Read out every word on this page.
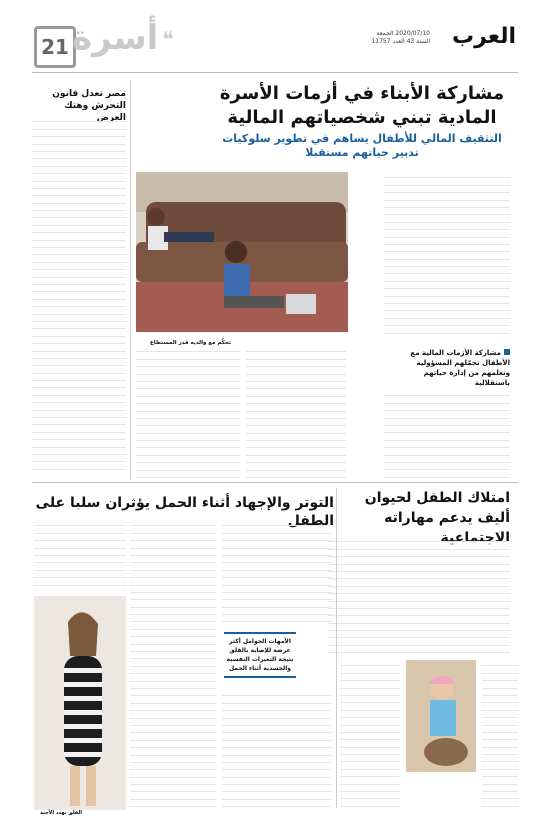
العرب
2020/07/10 الجمعة
السنة 43 العدد 11757
21 أسرة ❝
مشاركة الأبناء في أزمات الأسرة المادية تبني شخصياتهم المالية
التثقيف المالي للأطفال يساهم في تطوير سلوكيات تدبير حياتهم مستقبلا
مصر تعدل قانون التحرش وهتك العرض
تحكّم مع والديه قدر المستطاع
مشاركة الأزمات المالية مع الأطفال تحمّلهم المسؤولية وتعلمهم من إدارة حياتهم باستقلالية
امتلاك الطفل لحيوان أليف يدعم مهاراته الاجتماعية
التوتر والإجهاد أثناء الحمل يؤثران سلبا على الطفل
القلق يهدد الأجنة
الأمهات الحوامل أكثر عرضة للإصابة بالقلق نتيجة التغيرات النفسية والجسدية أثناء الحمل
